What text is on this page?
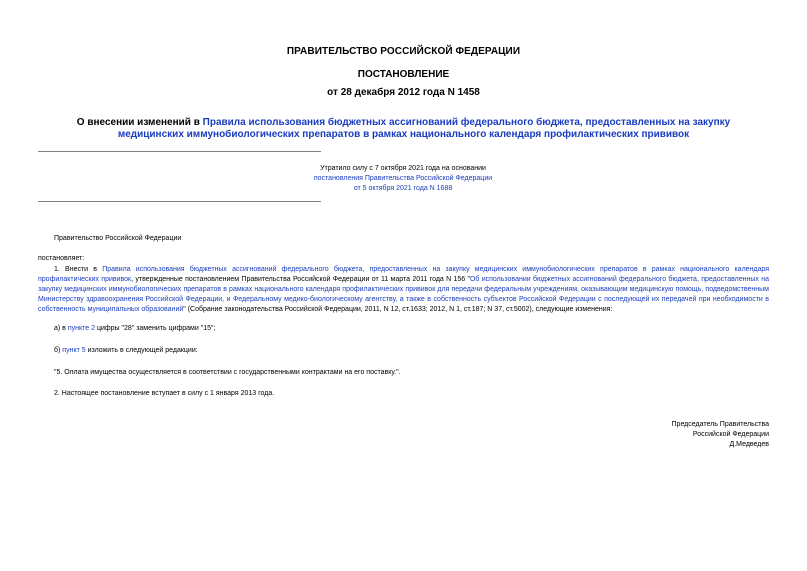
ПРАВИТЕЛЬСТВО РОССИЙСКОЙ ФЕДЕРАЦИИ
ПОСТАНОВЛЕНИЕ
от 28 декабря 2012 года N 1458
О внесении изменений в Правила использования бюджетных ассигнований федерального бюджета, предоставленных на закупку медицинских иммунобиологических препаратов в рамках национального календаря профилактических прививок
Утратило силу с 7 октября 2021 года на основании
постановления Правительства Российской Федерации
от 5 октября 2021 года N 1688
Правительство Российской Федерации
постановляет:
1. Внести в Правила использования бюджетных ассигнований федерального бюджета, предоставленных на закупку медицинских иммунобиологических препаратов в рамках национального календаря профилактических прививок, утвержденные постановлением Правительства Российской Федерации от 11 марта 2011 года N 156 "Об использовании бюджетных ассигнований федерального бюджета, предоставленных на закупку медицинских иммунобиологических препаратов в рамках национального календаря профилактических прививок для передачи федеральным учреждениям, оказывающим медицинскую помощь, подведомственным Министерству здравоохранения Российской Федерации, и Федеральному медико-биологическому агентству, а также в собственность субъектов Российской Федерации с последующей их передачей при необходимости в собственность муниципальных образований" (Собрание законодательства Российской Федерации, 2011, N 12, ст.1633; 2012, N 1, ст.187; N 37, ст.5002), следующие изменения:
а) в пункте 2 цифры "28" заменить цифрами "15";
б) пункт 5 изложить в следующей редакции:
"5. Оплата имущества осуществляется в соответствии с государственными контрактами на его поставку.".
2. Настоящее постановление вступает в силу с 1 января 2013 года.
Председатель Правительства
Российской Федерации
Д.Медведев
